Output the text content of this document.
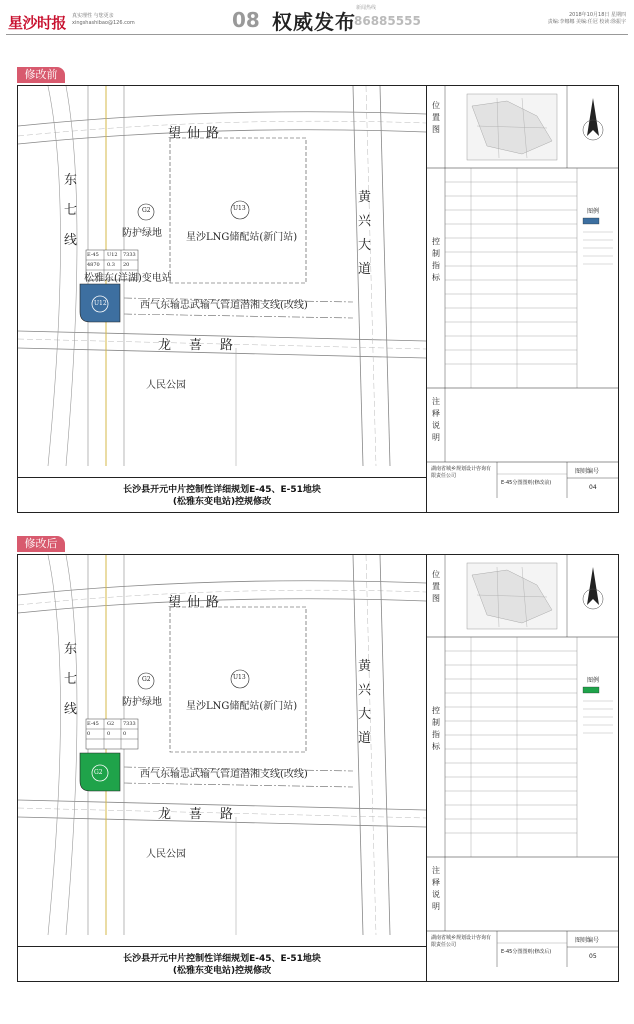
星沙时报 真实理性 与您更亲
xingshashibao@126.com	08 权威发布
新闻热线
86885555	2018年10月18日 星期四
责编:李娜娜 美编:任冠 校读:徐振宇
修改前
望仙路
龙喜路
黄兴大道
东七线
G2
防护绿地
U13
星沙LNG储配站(新门站)
U12
松雅东(洋湖)变电站
西气东输忠武输气管道潜湘支线(改线)
人民公园
E-45 U12 7333
4870 0.3 20
位置图
控制指标
注释说明
图例
湖南省城乡规划设计咨询有限责任公司
E-45分图图则(修改前)
图则编号
04
长沙县开元中片控制性详细规划E-45、E-51地块
(松雅东变电站)控规修改
修改后
望仙路
龙喜路
黄兴大道
东七线
G2
防护绿地
U13
星沙LNG储配站(新门站)
G2	西气东输忠武输气管道潜湘支线(改线)
人民公园
E-45 G2 7333
0	0	0
位置图
控制指标
注释说明
图例
湖南省城乡规划设计咨询有限责任公司
E-45分图图则(修改后)
图则编号
05
长沙县开元中片控制性详细规划E-45、E-51地块
(松雅东变电站)控规修改
